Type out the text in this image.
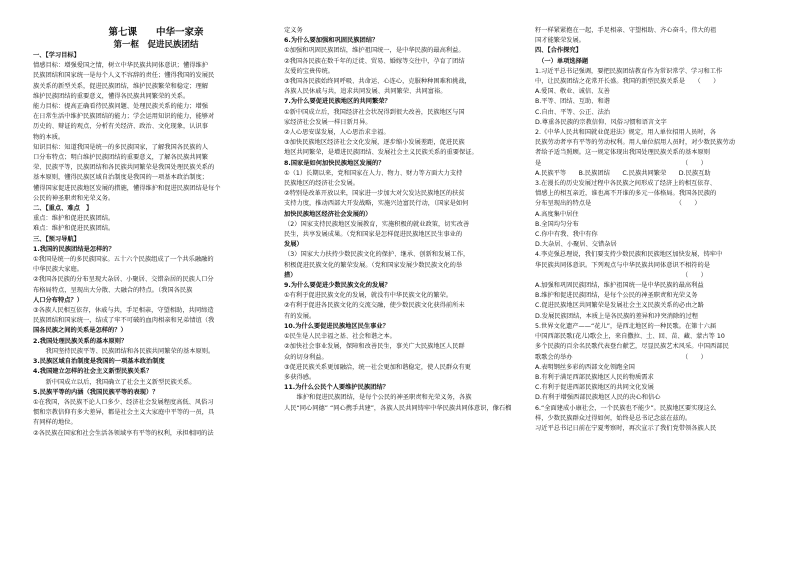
第七课　　中华一家亲
第一框　促进民族团结
一、【学习目标】
情感目标：增强爱国之情，树立中华民族共同体意识；懂得维护
民族团结和国家统一是每个人义不容辞的责任；懂得我国的发展民
族关系的新型关系，促进民族团结，维护民族繁荣和稳定；理解
维护民族团结的重要意义，懂得各民族共同繁荣的关系。
能力目标：提高正确看待民族问题、处理民族关系的能力；增强
在日常生活中维护民族团结的能力；学会运用知识的能力，能够对
历史的、辩证的观点，分析有关经济、政治、文化现象，认识事
物的本质。
知识目标：知道我国是统一的多民族国家，了解我国各民族的人
口分布特点；明白维护民族团结的重要意义，了解各民族共同繁
荣、民族平等，民族团结和各民族共同繁荣是我国处理民族关系的
基本原则，懂得民族区域自治制度是我国的一项基本政治制度；
懂得国家促进民族地区发展的措施，懂得维护和促进民族团结是每个
公民的神圣职责和光荣义务。
二、【重点、难点　】
重点：维护和促进民族团结。
难点：维护和促进民族团结。
三、【预习导航】
1.我国的民族团结是怎样的？
①我国是统一的多民族国家。五十六个民族组成了一个共乐融融的
中华民族大家庭。
②我国各民族的分布呈现大杂居、小聚居、交错杂居的民族人口分
布格局特点，呈现出大分散、大融合的特点。（我国各民族
人口分布特点？）
③各族人民相互依存，休戚与共，手足相亲，守望相助，共同缔造
民族团结和国家统一，结成了牢不可破的血肉相亲和兄弟情谊（我
国各民族之间的关系是怎样的？）
2.我国处理民族关系的基本原则？
　　我国坚持民族平等、民族团结和各民族共同繁荣的基本原则。
3.民族区域自治制度是我国的一项基本政治制度
4.我国建立怎样的社会主义新型民族关系？
　　新中国成立以后，我国确立了社会主义新型民族关系。
5.民族平等的内涵（我国民族平等的表现）？
①在我国，各民族不论人口多少、经济社会发展程度高低、风俗习
惯和宗教信仰有多大差异，都是社会主义大家庭中平等的一员，具
有同样的地位。
②各民族在国家和社会生活各领域享有平等的权利，承担相同的法
定义务
6.为什么要加强和巩固民族团结？
①加强和巩固民族团结，维护祖国统一，是中华民族的最高利益。
②我国各民族在数千年的迁徙、贸易、婚嫁等交往中，孕育了团结
友爱的宝贵传统。
③我国各民族始终同呼吸、共命运、心连心，克服种种困难和挑战，
各族人民休戚与共，追求共同发展、共同繁荣、共同富裕。
7.为什么要促进民族地区的共同繁荣？
①新中国成立后，我国经济社会状况得到很大改善，民族地区与国
家经济社会发展一样日新月异。
②人心思安谋发展，人心思治求幸福。
③加快民族地区经济社会文化发展，逐步缩小发展差距，促进民族
地区共同繁荣，是增进民族团结、发展社会主义民族关系的重要保证。
8.国家是如何加快民族地区发展的？
①（1）长期以来，党和国家在人力、物力、财力等方面大力支持
民族地区的经济社会发展。
②特别是改革开放以来，国家进一步加大对欠发达民族地区的扶贫
支持力度，推动西部大开发战略，实施兴边富民行动，（国家是如何
加快民族地区经济社会发展的）
（2）国家支持民族地区发展教育，实施积极的就业政策，切实改善
民生，共享发展成果。（党和国家是怎样促进民族地区民生事业的
发展）
（3）国家大力扶持少数民族文化的保护、继承、创新和发展工作，
积极促进民族文化的繁荣发展。（党和国家发展少数民族文化的举
措）
9.为什么要促进少数民族文化的发展？
①有利于促进民族文化的发展，就没有中华民族文化的繁荣。
②有利于促进各民族文化的交流交融，使少数民族文化获得前所未
有的发展。
10.为什么要促进民族地区民生事业？
①民生是人民幸福之基、社会和谐之本。
②加快社会事业发展，保障和改善民生，事关广大民族地区人民群
众的切身利益。
③促进民族关系更加融洽，统一社会更加和谐稳定，使人民群众有更
多获得感。
11.为什么公民个人要维护民族团结？
　　维护和促进民族团结，是每个公民的神圣职责和光荣义务，各族
人民“同心同德” “同心携手共建”，各族人民共同铸牢中华民族共同体意识，像石榴
籽一样紧紧抱在一起，手足相亲、守望相助、齐心奋斗，伟大的祖
国才能繁荣发展。
四、【合作探究】
　（一）单项选择题
1.习近平总书记强调，要把民族团结教育作为常识常学、学习和工作
中，让民族团结之花常开长盛。我国的新型民族关系是　　（　　）
A.爱国、敬业、诚信、友善
B.平等、团结、互助、和谐
C.自由、平等、公正、法治
D.尊重各民族的宗教信仰、风俗习惯和语言文字
2.《中华人民共和国就业促进法》规定，用人单位招用人员时，各
民族劳动者享有平等的劳动权利。用人单位招用人员时，对少数民族劳动
者给予适当照顾。这一规定体现出我国处理民族关系的基本原则
是　　　　　　　　　　　　　　　　　　　　　　　（　　）
A.民族平等　　B.民族团结　　C.民族共同繁荣　　D.民族互助
3.在漫长的历史发展过程中各民族之间形成了经济上的相互依存、
情感上的相互亲近，谁也离不开谁的多元一体格局。我国各民族的
分布呈现出的特点是　　　　　　　　　　　　　　（　　）
A.高度集中居住
B.全国均匀分布
C.你中有我、我中有你
D.大杂居、小聚居、交错杂居
4.李克强总理说，我们要支持少数民族和民族地区加快发展，铸牢中
华民族共同体意识。下列观点与中华民族共同体意识不相符的是
　　　　　　　　　　　　　　　　　　　　　　　　（　　）
A.加强和巩固民族团结，维护祖国统一是中华民族的最高利益
B.维护和促进民族团结，是每个公民的神圣职责和光荣义务
C.促进民族地区共同繁荣是发展社会主义民族关系的必由之路
D.发展民族团结，本质上是各民族的差异和冲突消除的过程
5.世界文化遗产——“花儿”，是西北地区的一种民歌。在第十六届
中国西部民歌(花儿)歌会上，来自撒拉、土、回、苗、藏、蒙古等 10
多个民族的百余名民歌代表登台献艺，尽显民族艺术风采。中国西部民
歌歌会的举办　　　　　　　　　　　　　　　　　　（　　）
A.表明钢丝多彩的西部文化领跑全国
B.有利于满足西部民族地区人民的物质需求
C.有利于促进西部民族地区的共同文化发展
D.有利于增强西部民族地区人民的决心和信心
6.“全面建成小康社会，一个民族也不能少”。民族地区要实现这么
样，少数民族群众过得如何，始终是总书记念兹在兹的。
习近平总书记日前在宁夏考察时，再次宣示了我们党带领各族人民
